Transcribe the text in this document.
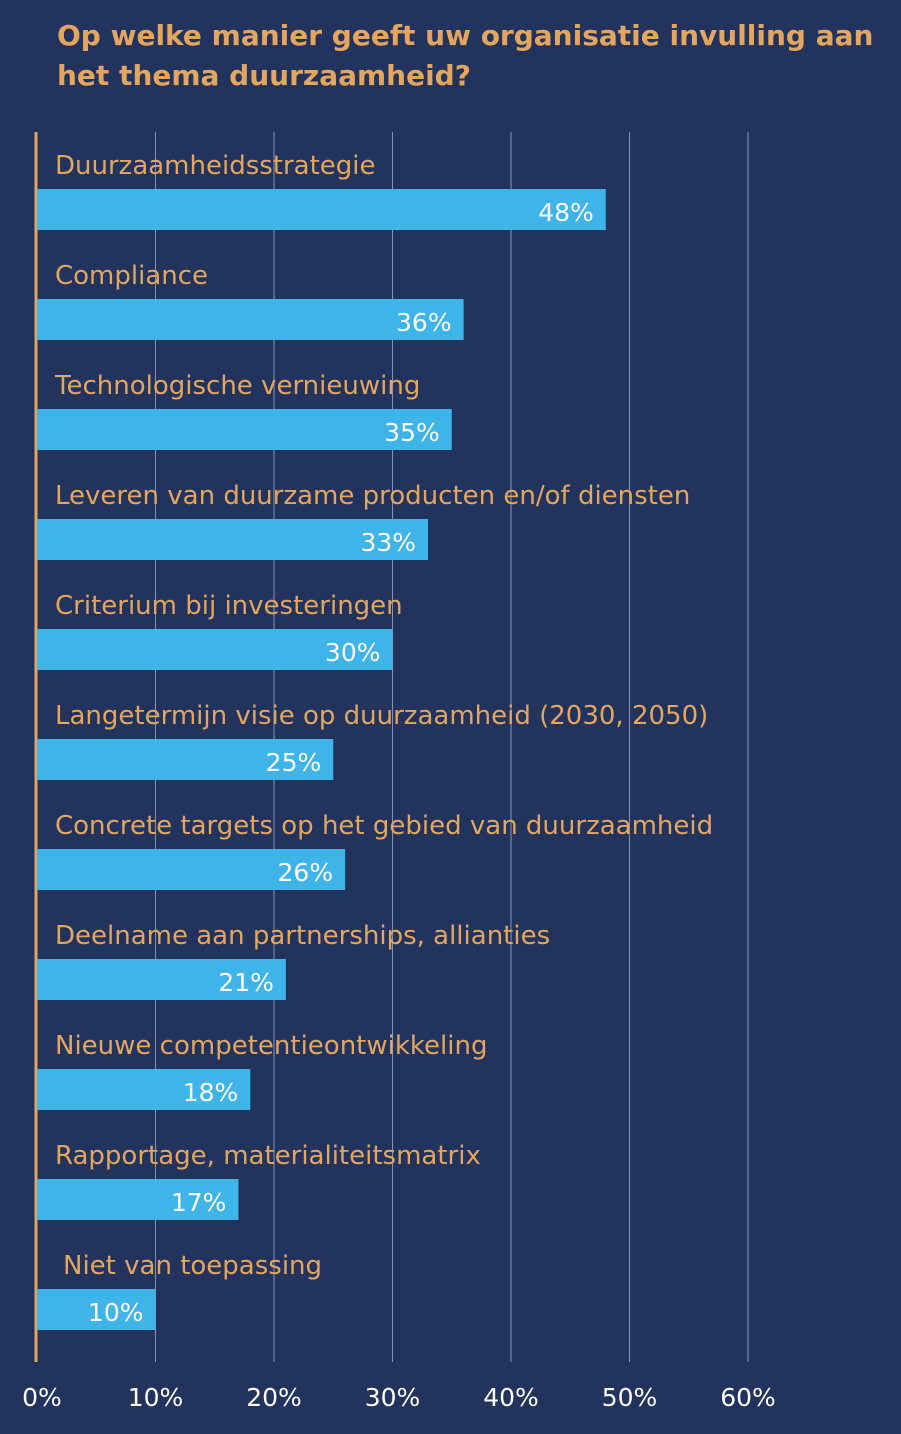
Op welke manier geeft uw organisatie invulling aan het thema duurzaamheid?
Duurzaamheidsstrategie
Compliance
Technologische vernieuwing
Leveren van duurzame producten en/of diensten
Criterium bij investeringen
Langetermijn visie op duurzaamheid (2030, 2050)
Concrete targets op het gebied van duurzaamheid
Deelname aan partnerships, allianties
Nieuwe competentieontwikkeling
Rapportage, materialiteitsmatrix
Niet van toepassing
48%
36%
35%
33%
30%
25%
26%
21%
18%
17%
10%
0%	10%	20%	30%	40%	50%	60%
